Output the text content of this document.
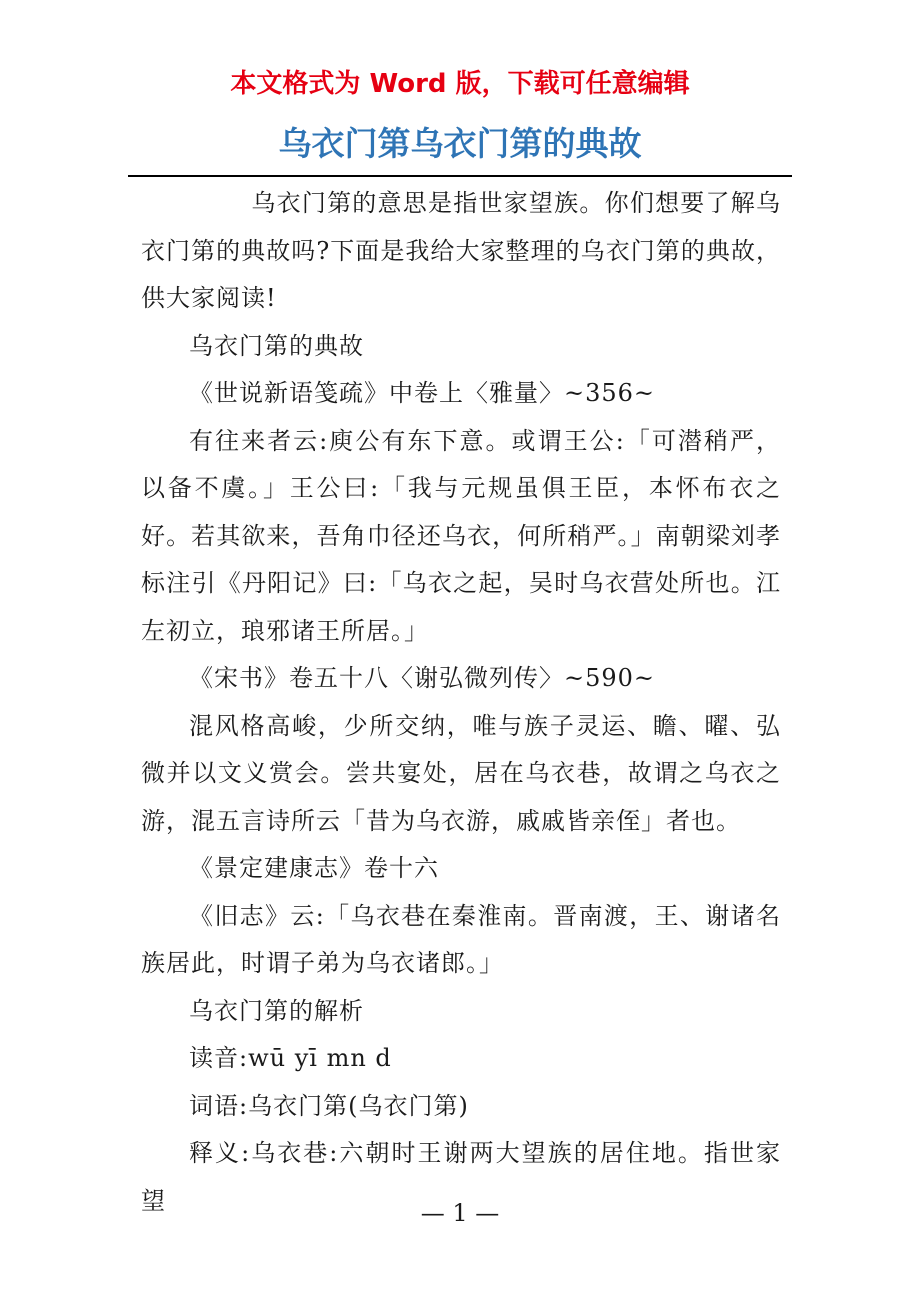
本文格式为 Word 版，下载可任意编辑
乌衣门第乌衣门第的典故

乌衣门第的意思是指世家望族。你们想要了解乌衣门第的典故吗?下面是我给大家整理的乌衣门第的典故，供大家阅读!

乌衣门第的典故

《世说新语笺疏》中卷上〈雅量〉~356~

有往来者云:庾公有东下意。或谓王公:「可潜稍严，以备不虞。」王公曰:「我与元规虽俱王臣，本怀布衣之好。若其欲来，吾角巾径还乌衣，何所稍严。」南朝梁刘孝标注引《丹阳记》曰:「乌衣之起，吴时乌衣营处所也。江左初立，琅邪诸王所居。」

《宋书》卷五十八〈谢弘微列传〉~590~

混风格高峻，少所交纳，唯与族子灵运、瞻、曜、弘微并以文义赏会。尝共宴处，居在乌衣巷，故谓之乌衣之游，混五言诗所云「昔为乌衣游，戚戚皆亲侄」者也。

《景定建康志》卷十六

《旧志》云:「乌衣巷在秦淮南。晋南渡，王、谢诸名族居此，时谓子弟为乌衣诸郎。」

乌衣门第的解析

读音:wū yī mn d

词语:乌衣门第(乌衣门第)

释义:乌衣巷:六朝时王谢两大望族的居住地。指世家望	— 1 —
